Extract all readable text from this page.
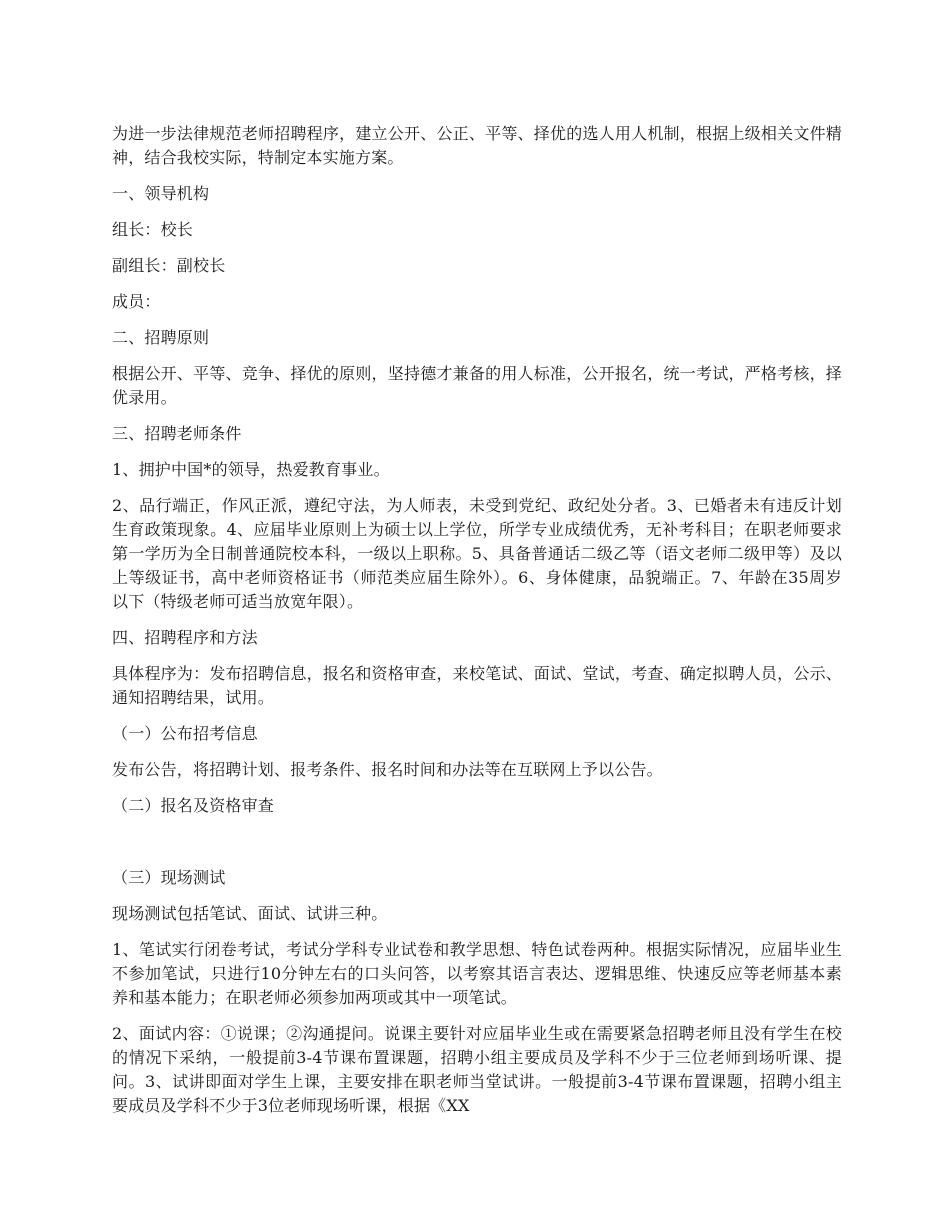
为进一步法律规范老师招聘程序，建立公开、公正、平等、择优的选人用人机制，根据上级相关文件精神，结合我校实际，特制定本实施方案。

一、领导机构

组长：校长

副组长：副校长

成员：

二、招聘原则

根据公开、平等、竞争、择优的原则，坚持德才兼备的用人标准，公开报名，统一考试，严格考核，择优录用。

三、招聘老师条件

1、拥护中国*的领导，热爱教育事业。

2、品行端正，作风正派，遵纪守法，为人师表，未受到党纪、政纪处分者。3、已婚者未有违反计划生育政策现象。4、应届毕业原则上为硕士以上学位，所学专业成绩优秀，无补考科目；在职老师要求第一学历为全日制普通院校本科，一级以上职称。5、具备普通话二级乙等（语文老师二级甲等）及以上等级证书，高中老师资格证书（师范类应届生除外）。6、身体健康，品貌端正。7、年龄在35周岁以下（特级老师可适当放宽年限）。

四、招聘程序和方法

具体程序为：发布招聘信息，报名和资格审查，来校笔试、面试、堂试，考查、确定拟聘人员，公示、通知招聘结果，试用。

（一）公布招考信息

发布公告，将招聘计划、报考条件、报名时间和办法等在互联网上予以公告。

（二）报名及资格审查

（三）现场测试

现场测试包括笔试、面试、试讲三种。

1、笔试实行闭卷考试，考试分学科专业试卷和教学思想、特色试卷两种。根据实际情况，应届毕业生不参加笔试，只进行10分钟左右的口头问答，以考察其语言表达、逻辑思维、快速反应等老师基本素养和基本能力；在职老师必须参加两项或其中一项笔试。

2、面试内容：①说课；②沟通提问。说课主要针对应届毕业生或在需要紧急招聘老师且没有学生在校的情况下采纳，一般提前3-4节课布置课题，招聘小组主要成员及学科不少于三位老师到场听课、提问。3、试讲即面对学生上课，主要安排在职老师当堂试讲。一般提前3-4节课布置课题，招聘小组主要成员及学科不少于3位老师现场听课，根据《XX
